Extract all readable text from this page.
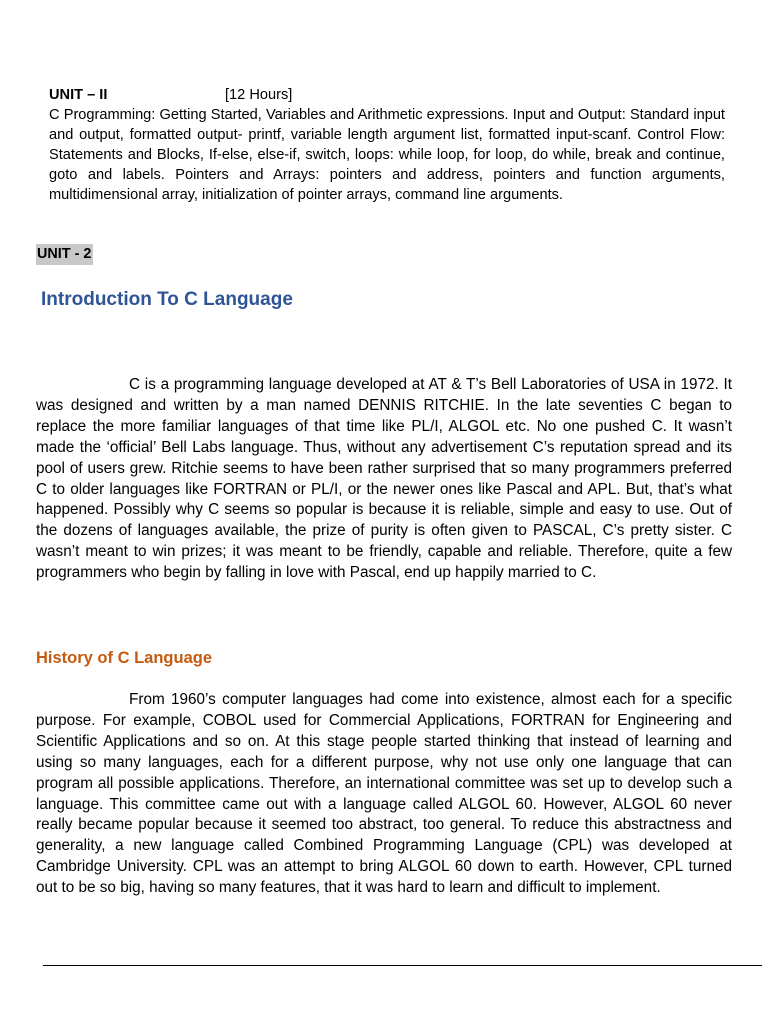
UNIT – II	[12 Hours]
C Programming: Getting Started, Variables and Arithmetic expressions. Input and Output: Standard input and output, formatted output- printf, variable length argument list, formatted input-scanf. Control Flow: Statements and Blocks, If-else, else-if, switch, loops: while loop, for loop, do while, break and continue, goto and labels. Pointers and Arrays: pointers and address, pointers and function arguments, multidimensional array, initialization of pointer arrays, command line arguments.
UNIT - 2
Introduction To C Language

C is a programming language developed at AT & T’s Bell Laboratories of USA in 1972. It was designed and written by a man named DENNIS RITCHIE. In the late seventies C began to replace the more familiar languages of that time like PL/I, ALGOL etc. No one pushed C. It wasn’t made the ‘official’ Bell Labs language. Thus, without any advertisement C’s reputation spread and its pool of users grew. Ritchie seems to have been rather surprised that so many programmers preferred C to older languages like FORTRAN or PL/I, or the newer ones like Pascal and APL. But, that’s what happened. Possibly why C seems so popular is because it is reliable, simple and easy to use. Out of the dozens of languages available, the prize of purity is often given to PASCAL, C’s pretty sister. C wasn’t meant to win prizes; it was meant to be friendly, capable and reliable. Therefore, quite a few programmers who begin by falling in love with Pascal, end up happily married to C.

History of C Language

From 1960’s computer languages had come into existence, almost each for a specific purpose. For example, COBOL used for Commercial Applications, FORTRAN for Engineering and Scientific Applications and so on. At this stage people started thinking that instead of learning and using so many languages, each for a different purpose, why not use only one language that can program all possible applications. Therefore, an international committee was set up to develop such a language. This committee came out with a language called ALGOL 60. However, ALGOL 60 never really became popular because it seemed too abstract, too general. To reduce this abstractness and generality, a new language called Combined Programming Language (CPL) was developed at Cambridge University. CPL was an attempt to bring ALGOL 60 down to earth. However, CPL turned out to be so big, having so many features, that it was hard to learn and difficult to implement.
